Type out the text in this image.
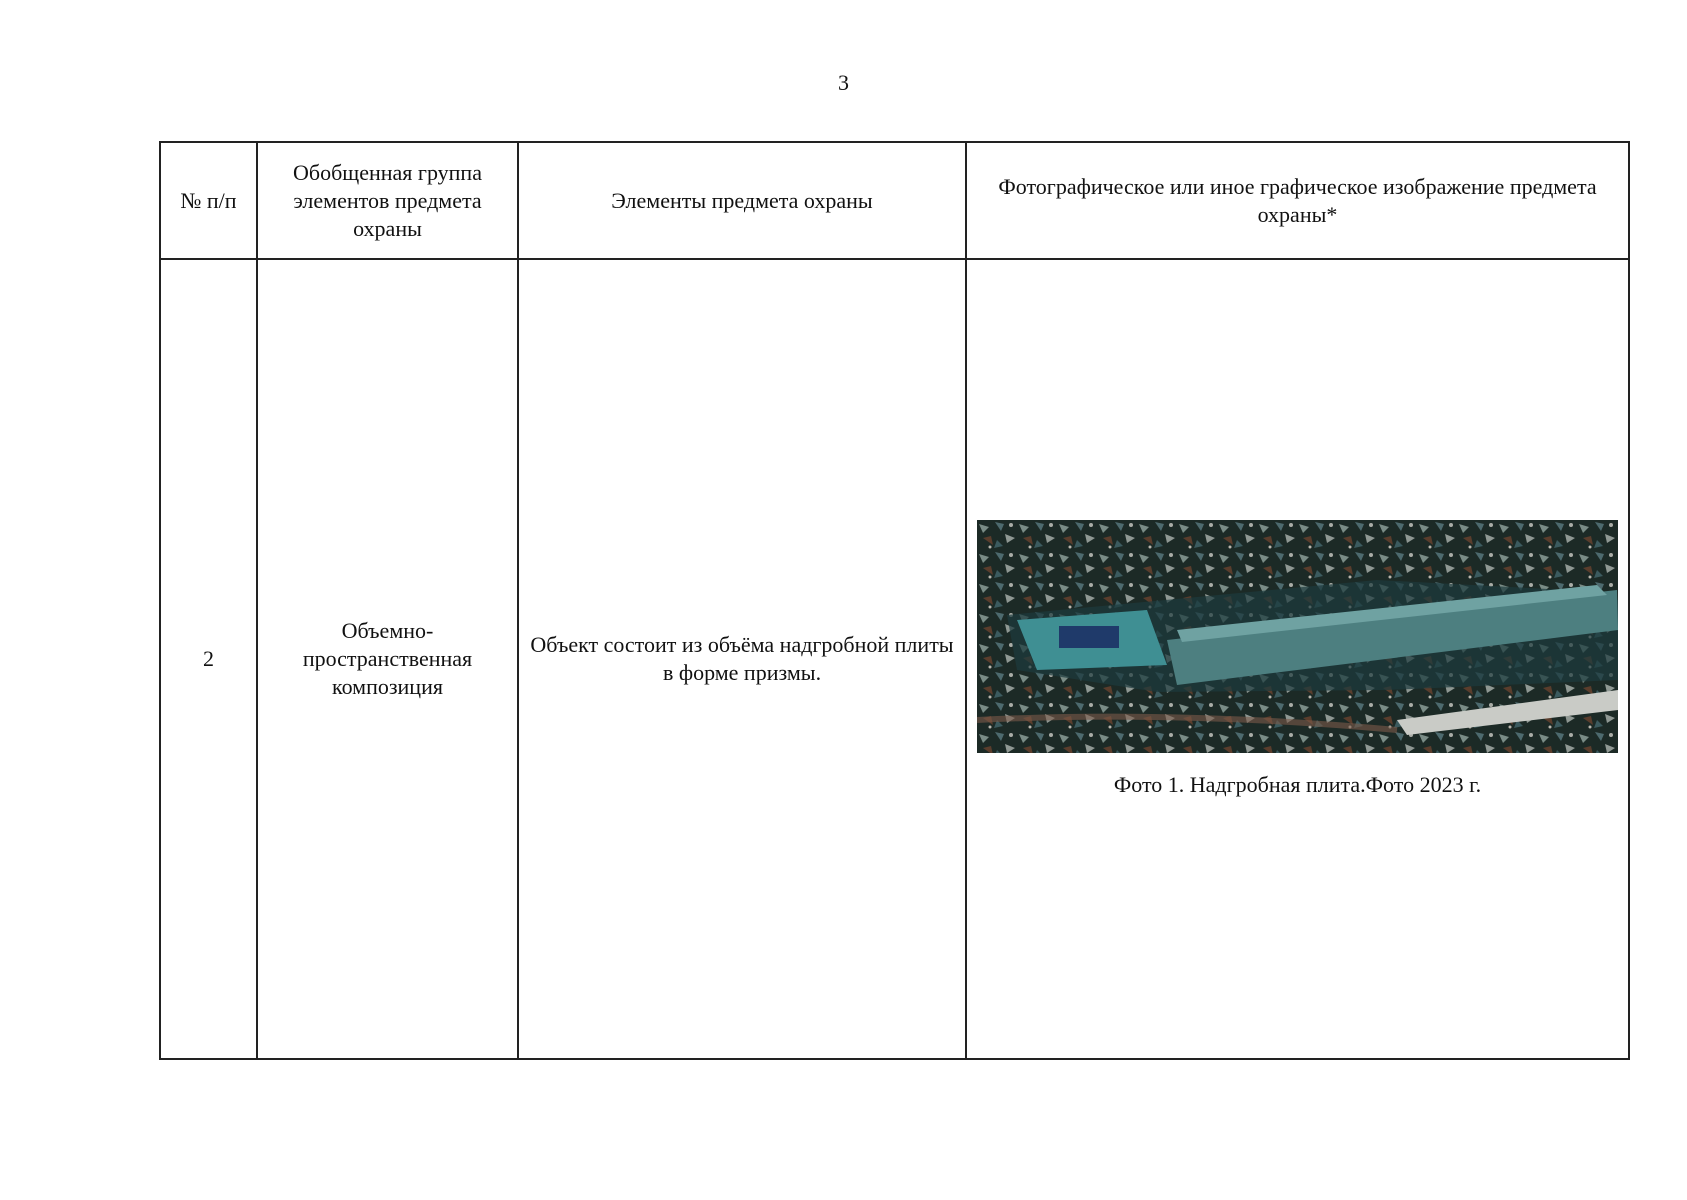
3
№ п/п	Обобщенная группа элементов предмета охраны	Элементы предмета охраны	Фотографическое или иное графическое изображение предмета охраны*
2	Объемно-пространственная композиция	Объект состоит из объёма надгробной плиты в форме призмы.	Фото 1. Надгробная плита.Фото 2023 г.
